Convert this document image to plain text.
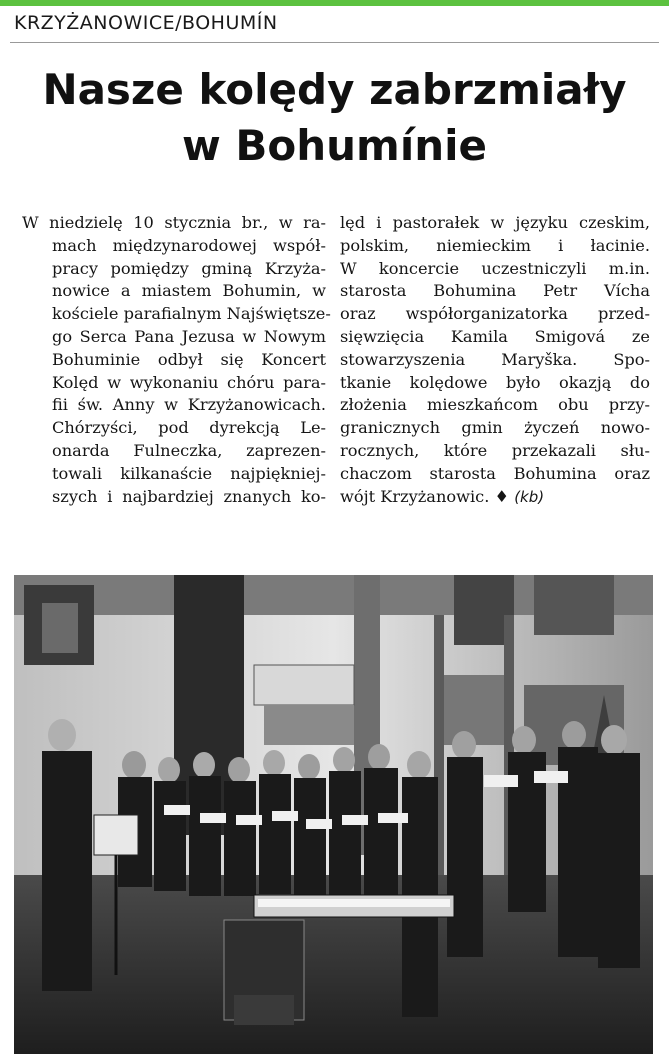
KRZYŻANOWICE/BOHUMÍN
Nasze kolędy zabrzmiały
w Bohumínie
W niedzielę 10 stycznia br., w ra-
mach międzynarodowej współ-
pracy pomiędzy gminą Krzyża-
nowice a miastem Bohumin, w
kościele parafialnym Najświętsze-
go Serca Pana Jezusa w Nowym
Bohuminie odbył się Koncert
Kolęd w wykonaniu chóru para-
fii św. Anny w Krzyżanowicach.
Chórzyści, pod dyrekcją Le-
onarda Fulneczka, zaprezen-
towali kilkanaście najpiękniej-
szych i najbardziej znanych ko-
lęd i pastorałek w języku czeskim,
polskim, niemieckim i łacinie.
W koncercie uczestniczyli m.in.
starosta Bohumina Petr Vícha
oraz współorganizatorka przed-
sięwzięcia Kamila Smigová ze
stowarzyszenia Maryška. Spo-
tkanie kolędowe było okazją do
złożenia mieszkańcom obu przy-
granicznych gmin życzeń nowo-
rocznych, które przekazali słu-
chaczom starosta Bohumina oraz
wójt Krzyżanowic. ♦ (kb)
